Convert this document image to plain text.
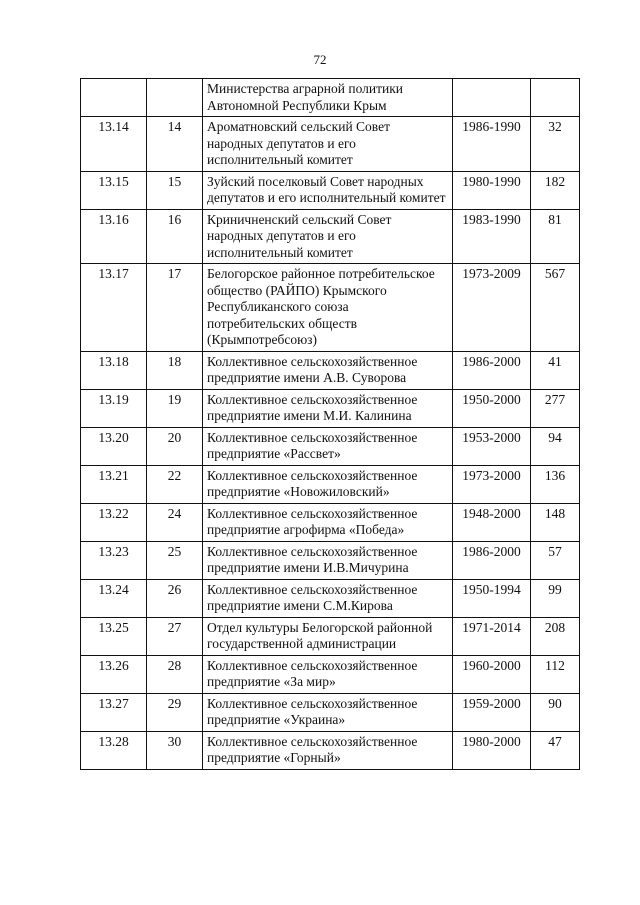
72
		Министерства аграрной политики Автономной Республики Крым		
13.14	14	Ароматновский сельский Совет народных депутатов и его исполнительный комитет	1986-1990	32
13.15	15	Зуйский поселковый Совет народных депутатов и его исполнительный комитет	1980-1990	182
13.16	16	Криничненский сельский Совет народных депутатов и его исполнительный комитет	1983-1990	81
13.17	17	Белогорское районное потребительское общество (РАЙПО) Крымского Республиканского союза потребительских обществ (Крымпотребсоюз)	1973-2009	567
13.18	18	Коллективное сельскохозяйственное предприятие имени А.В. Суворова	1986-2000	41
13.19	19	Коллективное сельскохозяйственное предприятие имени М.И. Калинина	1950-2000	277
13.20	20	Коллективное сельскохозяйственное предприятие «Рассвет»	1953-2000	94
13.21	22	Коллективное сельскохозяйственное предприятие «Новожиловский»	1973-2000	136
13.22	24	Коллективное сельскохозяйственное предприятие агрофирма «Победа»	1948-2000	148
13.23	25	Коллективное сельскохозяйственное предприятие имени И.В.Мичурина	1986-2000	57
13.24	26	Коллективное сельскохозяйственное предприятие имени С.М.Кирова	1950-1994	99
13.25	27	Отдел культуры Белогорской районной государственной администрации	1971-2014	208
13.26	28	Коллективное сельскохозяйственное предприятие «За мир»	1960-2000	112
13.27	29	Коллективное сельскохозяйственное предприятие «Украина»	1959-2000	90
13.28	30	Коллективное сельскохозяйственное предприятие «Горный»	1980-2000	47
